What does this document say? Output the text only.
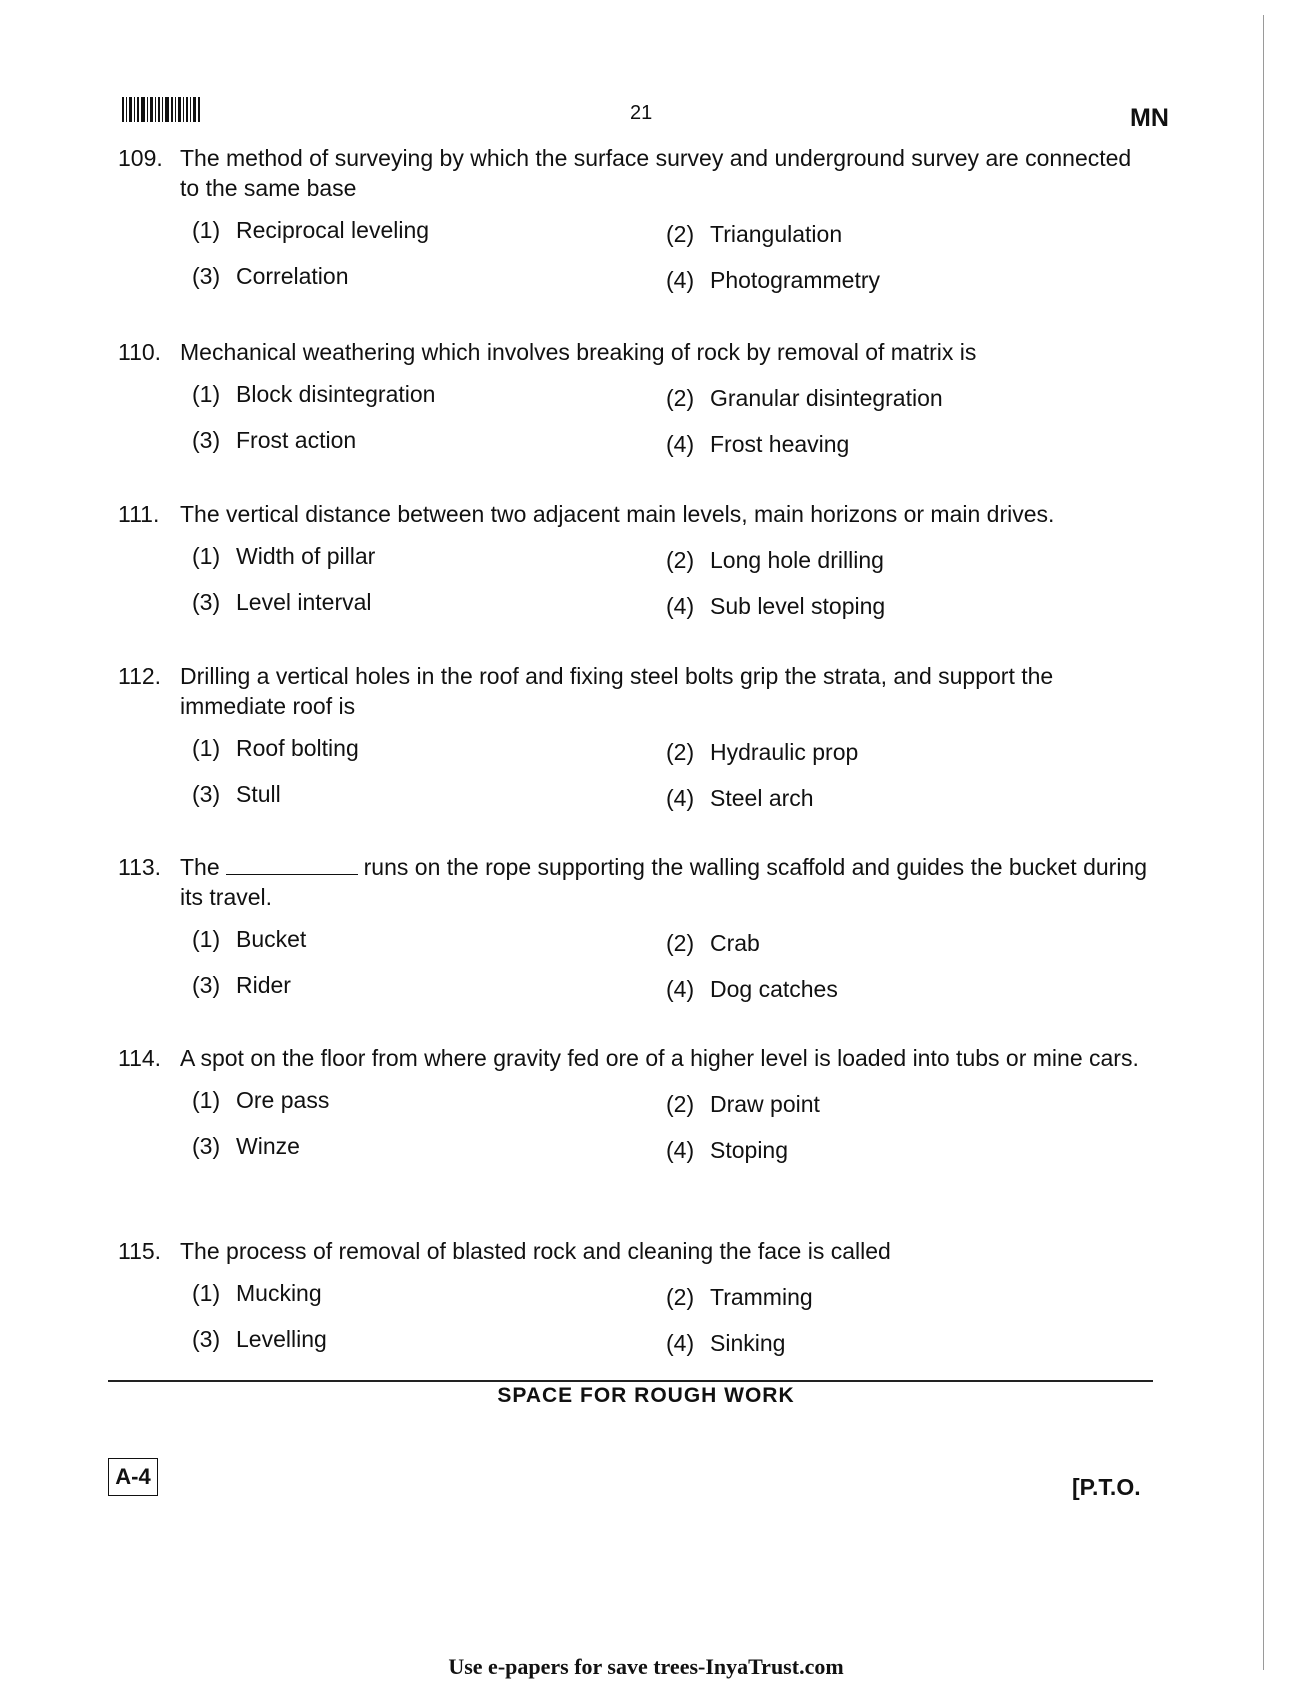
21	MN
109. The method of surveying by which the surface survey and underground survey are connected to the same base
(1) Reciprocal leveling	(2) Triangulation
(3) Correlation	(4) Photogrammetry
110. Mechanical weathering which involves breaking of rock by removal of matrix is
(1) Block disintegration	(2) Granular disintegration
(3) Frost action	(4) Frost heaving
111. The vertical distance between two adjacent main levels, main horizons or main drives.
(1) Width of pillar	(2) Long hole drilling
(3) Level interval	(4) Sub level stoping
112. Drilling a vertical holes in the roof and fixing steel bolts grip the strata, and support the immediate roof is
(1) Roof bolting	(2) Hydraulic prop
(3) Stull	(4) Steel arch
113. The	runs on the rope supporting the walling scaffold and guides the bucket during its travel.
(1) Bucket	(2) Crab
(3) Rider	(4) Dog catches
114. A spot on the floor from where gravity fed ore of a higher level is loaded into tubs or mine cars.
(1) Ore pass	(2) Draw point
(3) Winze	(4) Stoping
115. The process of removal of blasted rock and cleaning the face is called
(1) Mucking	(2) Tramming
(3) Levelling	(4) Sinking
SPACE FOR ROUGH WORK
A-4	[P.T.O.
Use e-papers for save trees-InyaTrust.com
